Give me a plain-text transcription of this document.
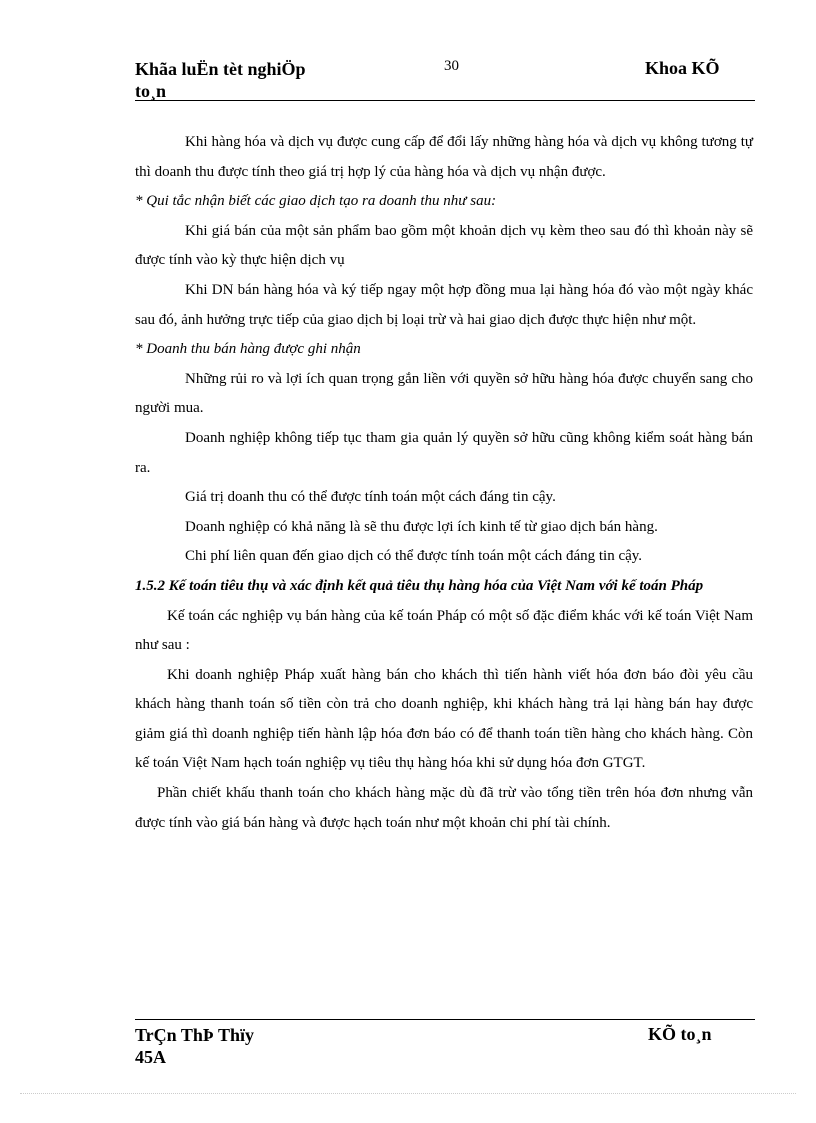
Khãa luËn tèt nghiÖp
to¸n
30	Khoa KÕ

Khi hàng hóa và dịch vụ được cung cấp để đổi lấy những hàng hóa và dịch vụ không tương tự thì doanh thu được tính theo giá trị hợp lý của hàng hóa và dịch vụ nhận được.

* Qui tắc nhận biết các giao dịch tạo ra doanh thu như sau:

Khi giá bán của một sản phẩm bao gồm một khoản dịch vụ kèm theo sau đó thì khoản này sẽ được tính vào kỳ thực hiện dịch vụ

Khi DN bán hàng hóa và ký tiếp ngay một hợp đồng mua lại hàng hóa đó vào một ngày khác sau đó, ảnh hưởng trực tiếp của giao dịch bị loại trừ và hai giao dịch được thực hiện như một.

* Doanh thu bán hàng được ghi nhận

Những rủi ro và lợi ích quan trọng gắn liền với quyền sở hữu hàng hóa được chuyển sang cho người mua.

Doanh nghiệp không tiếp tục tham gia quản lý quyền sở hữu cũng không kiểm soát hàng bán ra.

Giá trị doanh thu có thể được tính toán một cách đáng tin cậy.

Doanh nghiệp có khả năng là sẽ thu được lợi ích kinh tế từ giao dịch bán hàng.

Chi phí liên quan đến giao dịch có thể được tính toán một cách đáng tin cậy.

1.5.2 Kế toán tiêu thụ và xác định kết quả tiêu thụ hàng hóa của Việt Nam với kế toán Pháp

Kế toán các nghiệp vụ bán hàng của kế toán Pháp có một số đặc điểm khác với kế toán Việt Nam như sau :

Khi doanh nghiệp Pháp xuất hàng bán cho khách thì tiến hành viết hóa đơn báo đòi yêu cầu khách hàng thanh toán số tiền còn trả cho doanh nghiệp, khi khách hàng trả lại hàng bán hay được giảm giá thì doanh nghiệp tiến hành lập hóa đơn báo có để thanh toán tiền hàng cho khách hàng. Còn kế toán Việt Nam hạch toán nghiệp vụ tiêu thụ hàng hóa khi sử dụng hóa đơn GTGT.

Phần chiết khấu thanh toán cho khách hàng mặc dù đã trừ vào tổng tiền trên hóa đơn nhưng vẫn được tính vào giá bán hàng và được hạch toán như một khoản chi phí tài chính.

TrÇn ThÞ Thïy
45A
KÕ to¸n
